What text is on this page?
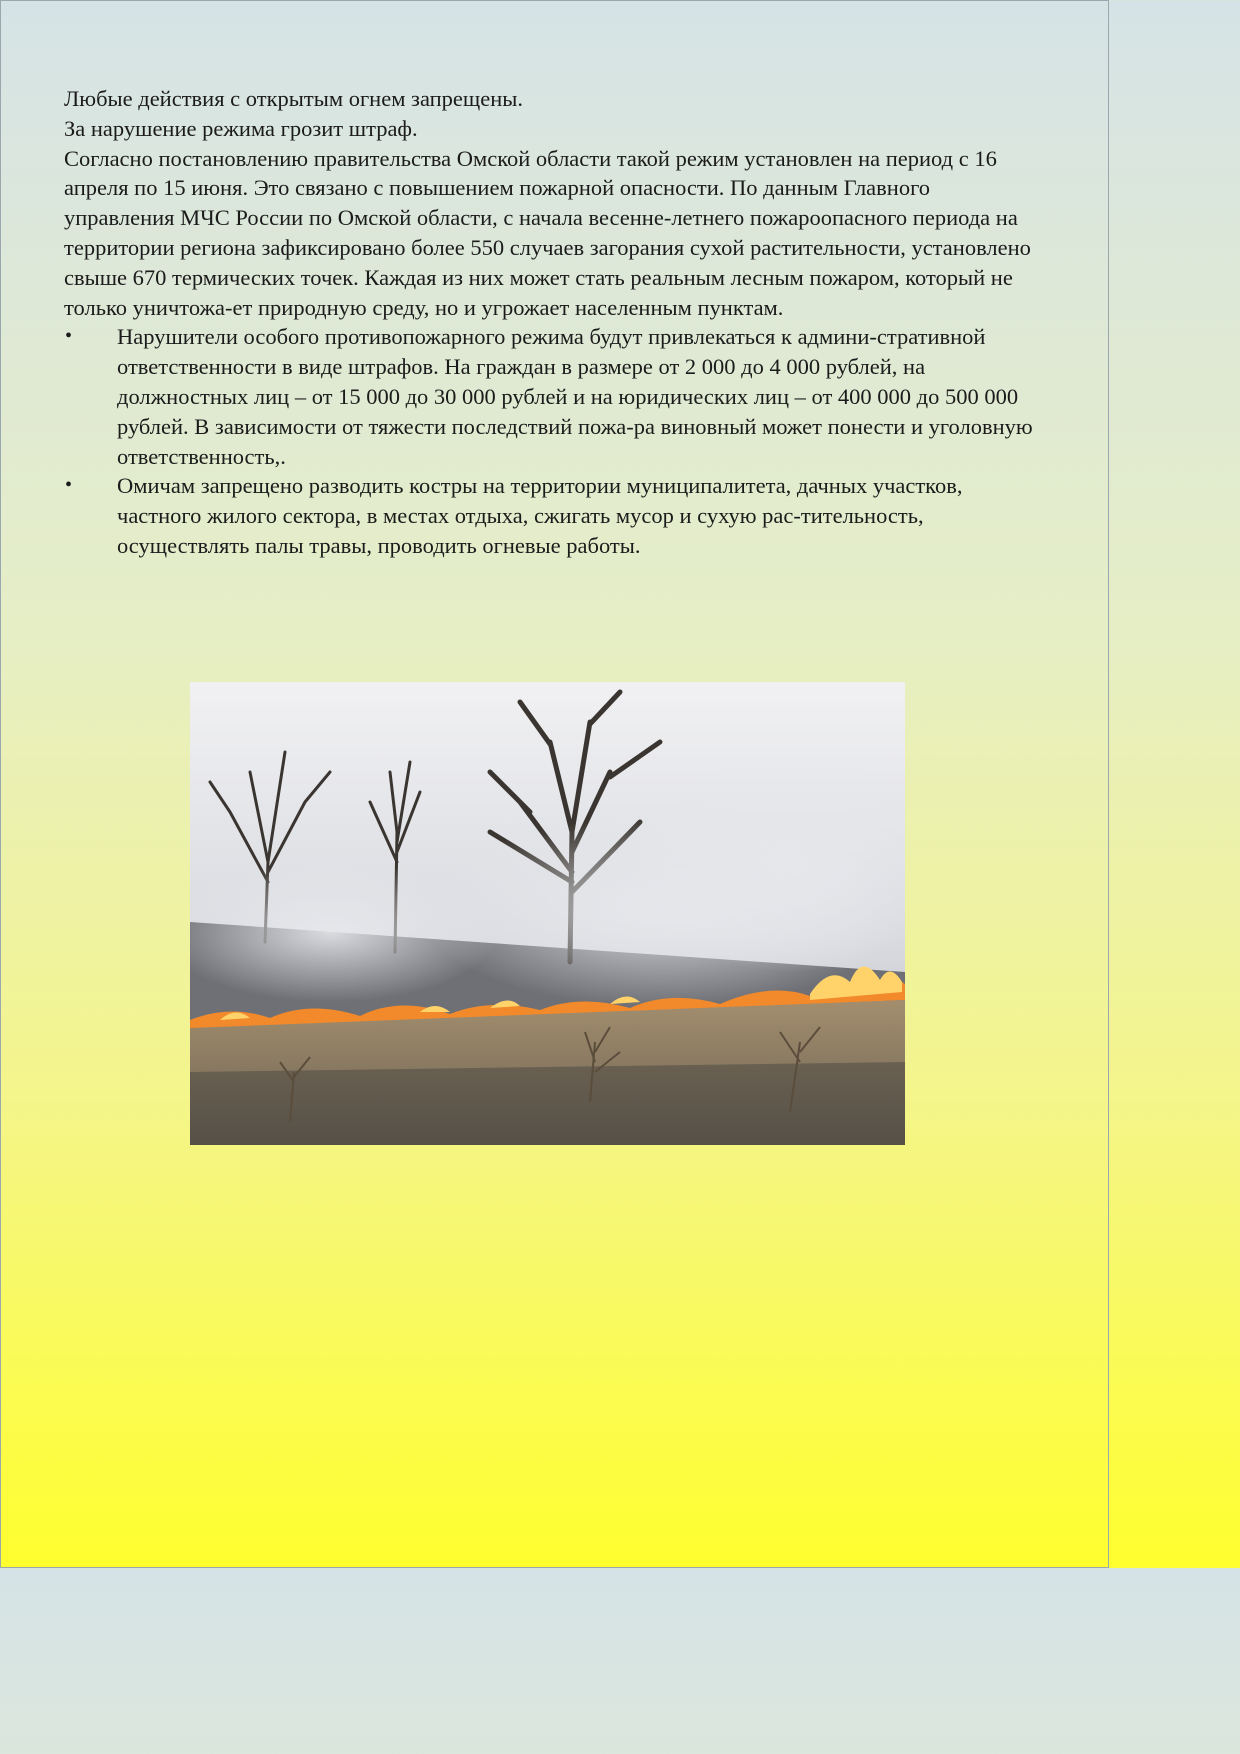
Любые действия с открытым огнем запрещены.

За нарушение режима грозит штраф.

Согласно постановлению правительства Омской области такой режим установлен на период с 16 апреля по 15 июня. Это связано с повышением пожарной опасности. По данным Главного управления МЧС России по Омской области, с начала весенне-летнего пожароопасного периода на территории региона зафиксировано более 550 случаев загорания сухой растительности, установлено свыше 670 термических точек. Каждая из них может стать реальным лесным пожаром, который не только уничтожа-ет природную среду, но и угрожает населенным пунктам.

• Нарушители особого противопожарного режима будут привлекаться к админи-стративной ответственности в виде штрафов. На граждан в размере от 2 000 до 4 000 рублей, на должностных лиц – от 15 000 до 30 000 рублей и на юридических лиц – от 400 000 до 500 000 рублей. В зависимости от тяжести последствий пожа-ра виновный может понести и уголовную ответственность,.
• Омичам запрещено разводить костры на территории муниципалитета, дачных участков, частного жилого сектора, в местах отдыха, сжигать мусор и сухую рас-тительность, осуществлять палы травы, проводить огневые работы.
